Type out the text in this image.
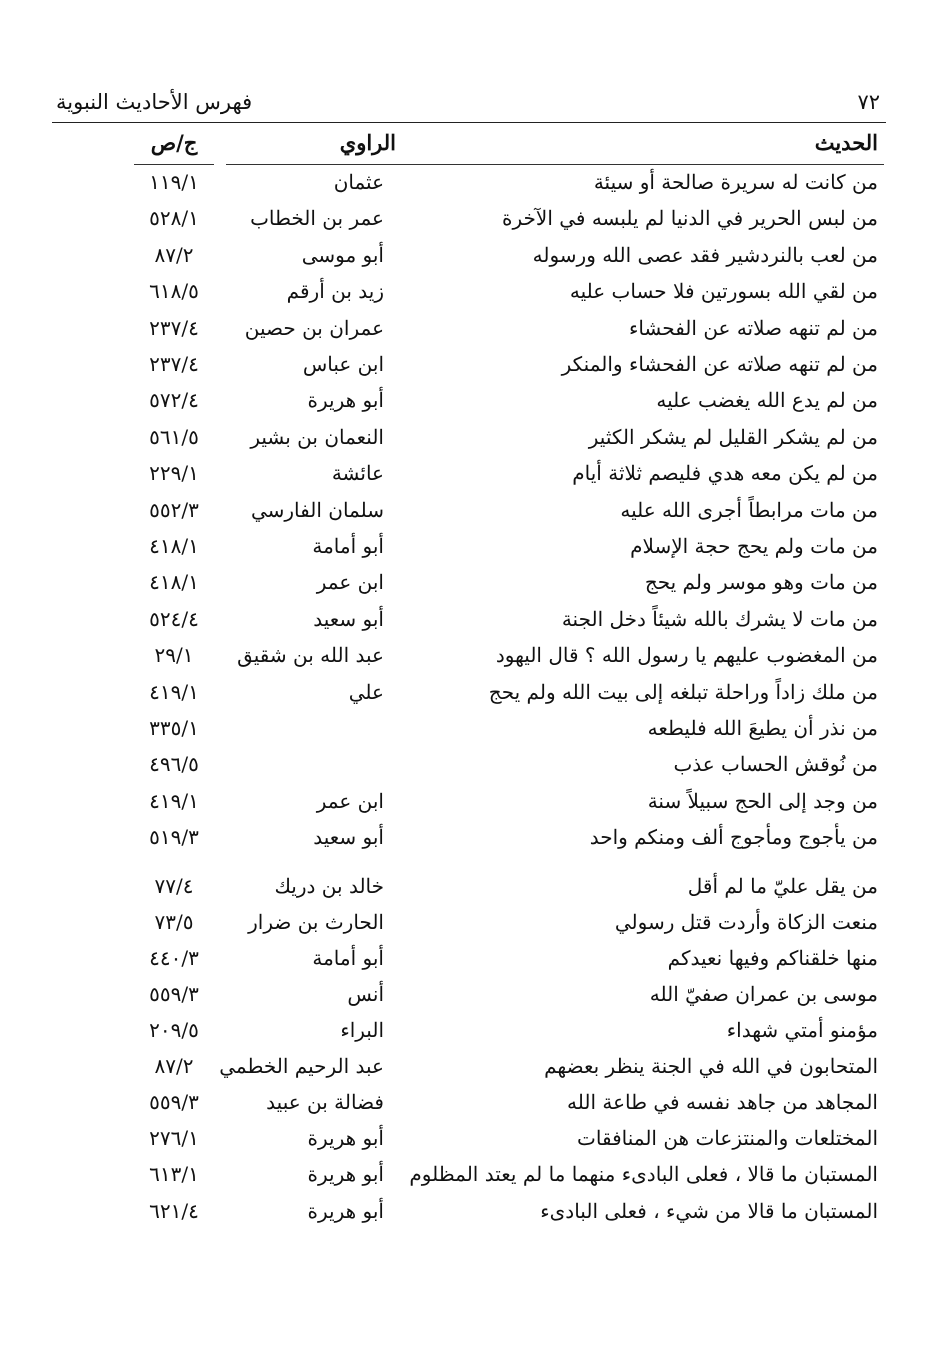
٧٢
فهرس الأحاديث النبوية
الحديث
الراوي
ج/ص
من كانت له سريرة صالحة أو سيئة
عثمان
١١٩/١
من لبس الحرير في الدنيا لم يلبسه في الآخرة
عمر بن الخطاب
٥٢٨/١
من لعب بالنردشير فقد عصى الله ورسوله
أبو موسى
٨٧/٢
من لقي الله بسورتين فلا حساب عليه
زيد بن أرقم
٦١٨/٥
من لم تنهه صلاته عن الفحشاء
عمران بن حصين
٢٣٧/٤
من لم تنهه صلاته عن الفحشاء والمنكر
ابن عباس
٢٣٧/٤
من لم يدع الله يغضب عليه
أبو هريرة
٥٧٢/٤
من لم يشكر القليل لم يشكر الكثير
النعمان بن بشير
٥٦١/٥
من لم يكن معه هدي فليصم ثلاثة أيام
عائشة
٢٢٩/١
من مات مرابطاً أجرى الله عليه
سلمان الفارسي
٥٥٢/٣
من مات ولم يحج حجة الإسلام
أبو أمامة
٤١٨/١
من مات وهو موسر ولم يحج
ابن عمر
٤١٨/١
من مات لا يشرك بالله شيئاً دخل الجنة
أبو سعيد
٥٢٤/٤
من المغضوب عليهم يا رسول الله ؟ قال اليهود
عبد الله بن شقيق
٢٩/١
من ملك زاداً وراحلة تبلغه إلى بيت الله ولم يحج
علي
٤١٩/١
من نذر أن يطيعَ الله فليطعه
٣٣٥/١
من نُوقش الحساب عذب
٤٩٦/٥
من وجد إلى الحج سبيلاً سنة
ابن عمر
٤١٩/١
من يأجوج ومأجوج ألف ومنكم واحد
أبو سعيد
٥١٩/٣
من يقل عليّ ما لم أقل
خالد بن دريك
٧٧/٤
منعت الزكاة وأردت قتل رسولي
الحارث بن ضرار
٧٣/٥
منها خلقناكم وفيها نعيدكم
أبو أمامة
٤٤٠/٣
موسى بن عمران صفيّ الله
أنس
٥٥٩/٣
مؤمنو أمتي شهداء
البراء
٢٠٩/٥
المتحابون في الله في الجنة ينظر بعضهم
عبد الرحيم الخطمي
٨٧/٢
المجاهد من جاهد نفسه في طاعة الله
فضالة بن عبيد
٥٥٩/٣
المختلعات والمنتزعات هن المنافقات
أبو هريرة
٢٧٦/١
المستبان ما قالا ، فعلى البادىء منهما ما لم يعتد المظلوم
أبو هريرة
٦١٣/١
المستبان ما قالا من شيء ، فعلى البادىء
أبو هريرة
٦٢١/٤
